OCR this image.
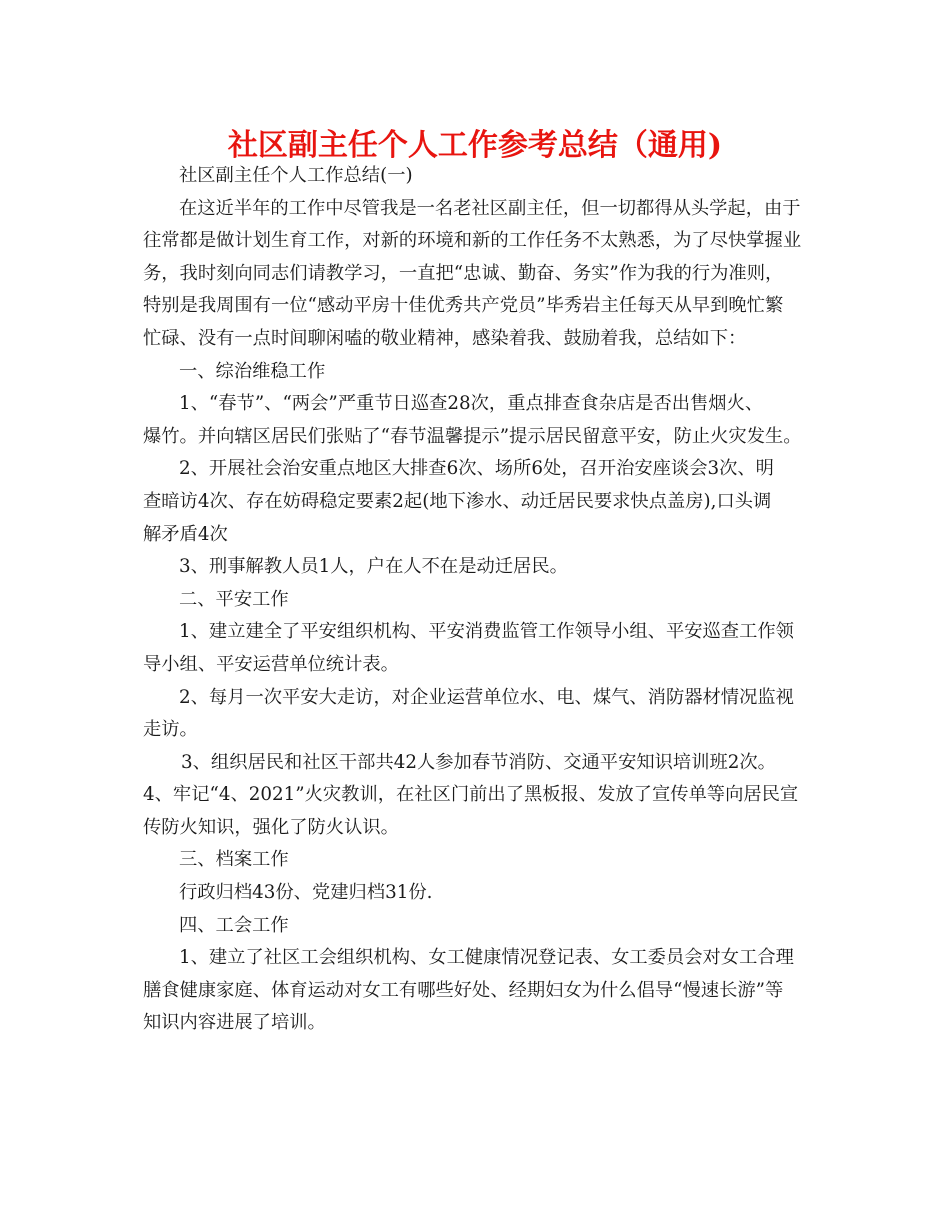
社区副主任个人工作参考总结（通用)
社区副主任个人工作总结(一)
在这近半年的工作中尽管我是一名老社区副主任，但一切都得从头学起，由于
往常都是做计划生育工作，对新的环境和新的工作任务不太熟悉，为了尽快掌握业
务，我时刻向同志们请教学习，一直把“忠诚、勤奋、务实”作为我的行为准则，
特别是我周围有一位“感动平房十佳优秀共产党员”毕秀岩主任每天从早到晚忙繁
忙碌、没有一点时间聊闲嗑的敬业精神，感染着我、鼓励着我，总结如下：
一、综治维稳工作
1、“春节”、“两会”严重节日巡查28次，重点排查食杂店是否出售烟火、
爆竹。并向辖区居民们张贴了“春节温馨提示”提示居民留意平安，防止火灾发生。
2、开展社会治安重点地区大排查6次、场所6处，召开治安座谈会3次、明
查暗访4次、存在妨碍稳定要素2起(地下渗水、动迁居民要求快点盖房),口头调
解矛盾4次
3、刑事解教人员1人，户在人不在是动迁居民。
二、平安工作
1、建立建全了平安组织机构、平安消费监管工作领导小组、平安巡查工作领
导小组、平安运营单位统计表。
2、每月一次平安大走访，对企业运营单位水、电、煤气、消防器材情况监视
走访。
3、组织居民和社区干部共42人参加春节消防、交通平安知识培训班2次。
4、牢记“4、2021”火灾教训，在社区门前出了黑板报、发放了宣传单等向居民宣
传防火知识，强化了防火认识。
三、档案工作
行政归档43份、党建归档31份.
四、工会工作
1、建立了社区工会组织机构、女工健康情况登记表、女工委员会对女工合理
膳食健康家庭、体育运动对女工有哪些好处、经期妇女为什么倡导“慢速长游”等
知识内容进展了培训。
